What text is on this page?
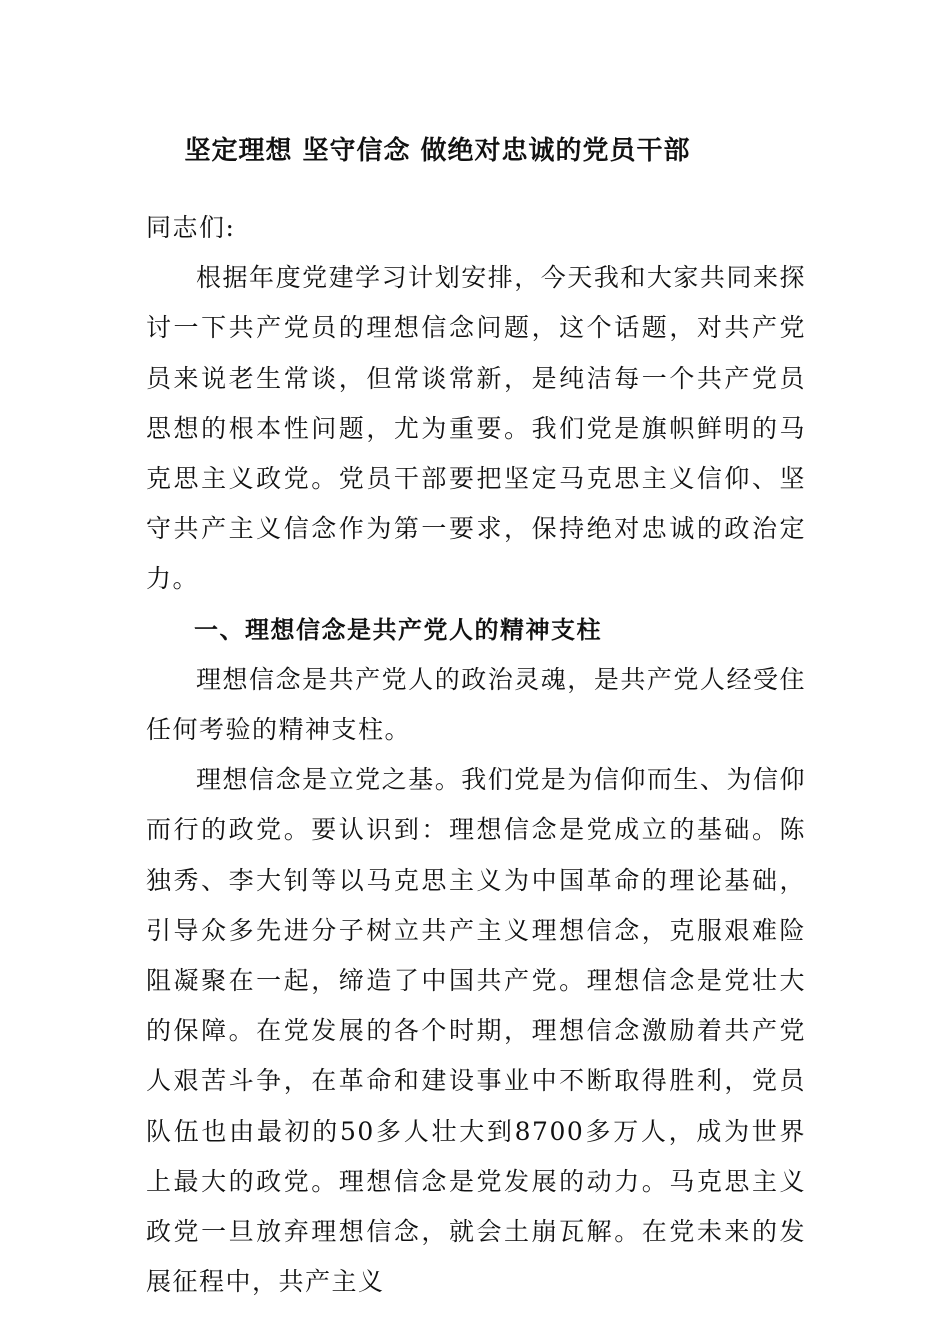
坚定理想 坚守信念 做绝对忠诚的党员干部

同志们:

根据年度党建学习计划安排，今天我和大家共同来探讨一下共产党员的理想信念问题，这个话题，对共产党员来说老生常谈，但常谈常新，是纯洁每一个共产党员思想的根本性问题，尤为重要。我们党是旗帜鲜明的马克思主义政党。党员干部要把坚定马克思主义信仰、坚守共产主义信念作为第一要求，保持绝对忠诚的政治定力。

一、理想信念是共产党人的精神支柱

理想信念是共产党人的政治灵魂，是共产党人经受住任何考验的精神支柱。

理想信念是立党之基。我们党是为信仰而生、为信仰而行的政党。要认识到：理想信念是党成立的基础。陈独秀、李大钊等以马克思主义为中国革命的理论基础，引导众多先进分子树立共产主义理想信念，克服艰难险阻凝聚在一起，缔造了中国共产党。理想信念是党壮大的保障。在党发展的各个时期，理想信念激励着共产党人艰苦斗争，在革命和建设事业中不断取得胜利，党员队伍也由最初的50多人壮大到8700多万人，成为世界上最大的政党。理想信念是党发展的动力。马克思主义政党一旦放弃理想信念，就会土崩瓦解。在党未来的发展征程中，共产主义
